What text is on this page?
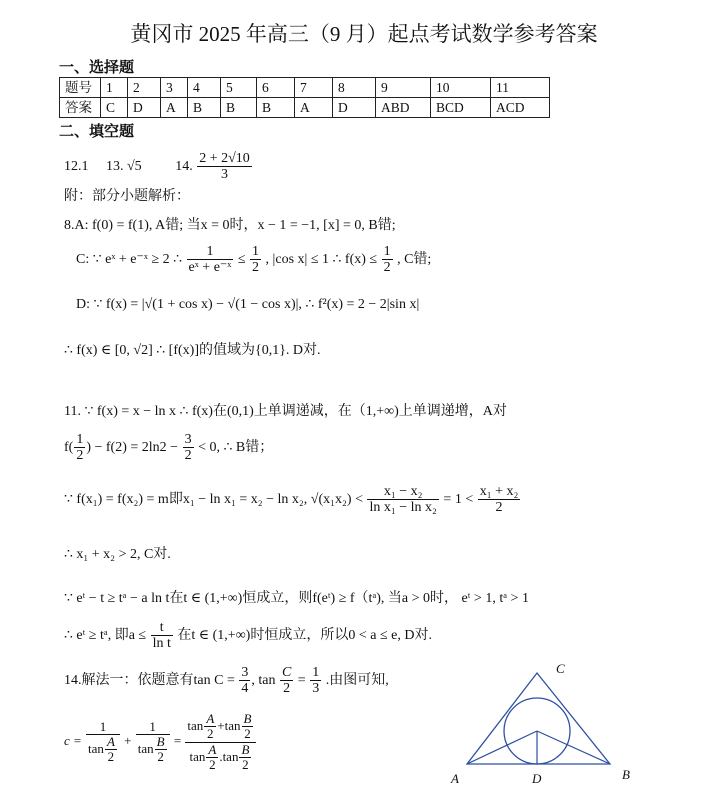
黄冈市 2025 年高三（9 月）起点考试数学参考答案
一、选择题
题号	1	2	3	4	5	6	7	8	9	10	11
答案	C	D	A	B	B	B	A	D	ABD	BCD	ACD
二、填空题
12.1 13. √5 14. $\frac{2 + 2√10}{3}$
附：部分小题解析：
8.A: f(0) = f(1), A错; 当x = 0时，x − 1 = −1, [x] = 0, B错;
C: ∵ eˣ + e⁻ˣ ≥ 2 ∴ $\frac{1}{\text{eˣ + e⁻ˣ}} \le \frac{1}{2}$ , |cos x| ≤ 1 ∴ $f(x) \le \frac{1}{2}$ , C错;
D: ∵ f(x) = |√(1 + cos x) − √(1 − cos x)|, ∴ f²(x) = 2 − 2|sin x|
∴ f(x) ∈ [0, √2] ∴ [f(x)]的值域为{0,1}. D对.
11. ∵ f(x) = x − ln x ∴ f(x)在(0,1)上单调递减，在（1,+∞)上单调递增，A对
$f( \frac{1}{2}$ ) − $f(2) = 2\ln 2 - \frac{3}{2} < 0$, ∴ B错；
∵ f(x₁) = f(x₂) = m即x₁ − ln x₁ = x₂ − ln x₂, $√(x_1x_2) < \frac{\text{x₁ − x₂}}{\text{ln x₁ − ln x₂}} = 1 < \frac{\text{x₁ + x₂}}{2}$
∴ x₁ + x₂ > 2, C对.
∵ eᵗ − t ≥ tᵃ − a ln t在t ∈ (1,+∞)恒成立，则f(eᵗ) ≥ f（tᵃ), 当a > 0时， eᵗ > 1, tᵃ > 1
∴ eᵗ ≥ tᵃ, 即$a \le \frac{t}{\text{ln t}}$ 在t ∈ (1,+∞)时恒成立，所以0 < a ≤ e, D对.
14.解法一：依题意有$\tan C = \frac{3}{4}$ , $\tan \frac{C}{2} = \frac{1}{3}$ .由图可知,
$c = \frac{1}{\tan \frac{A}{2}} + \frac{1}{\tan \frac{B}{2}} = \frac{\tan \frac{A}{2} +\tan \frac{B}{2}}{\tan \frac{A}{2} .\tan \frac{B}{2}}$
A	D	B
C
